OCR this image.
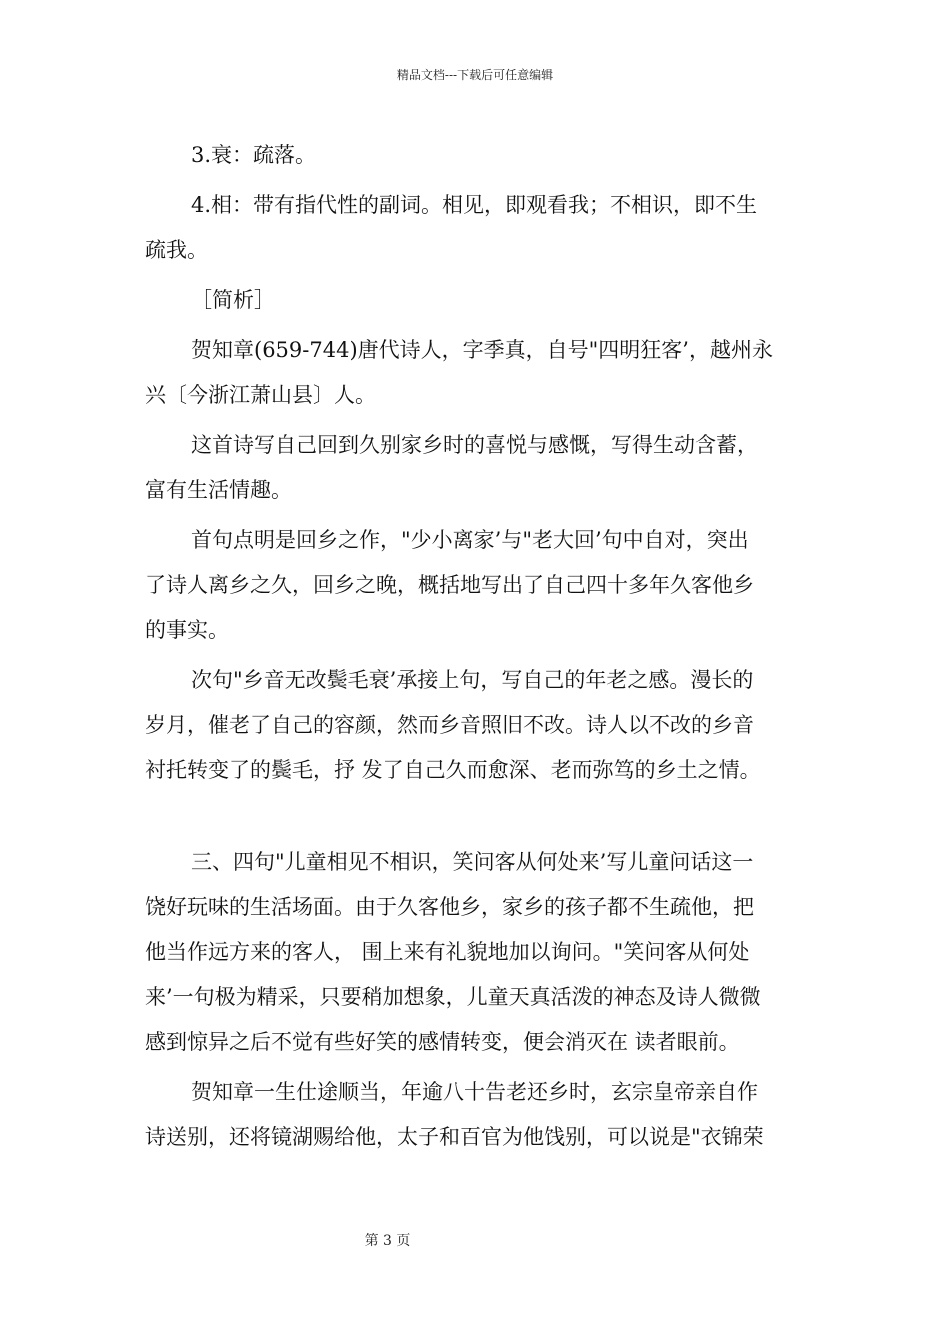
精品文档---下载后可任意编辑
3.衰：疏落。
4.相：带有指代性的副词。相见，即观看我；不相识，即不生
疏我。
［简析］
贺知章(659-744)唐代诗人，字季真，自号"四明狂客’，越州永
兴〔今浙江萧山县〕人。
这首诗写自己回到久别家乡时的喜悦与感慨，写得生动含蓄，
富有生活情趣。
首句点明是回乡之作，"少小离家’与"老大回’句中自对，突出
了诗人离乡之久，回乡之晚，概括地写出了自己四十多年久客他乡
的事实。
次句"乡音无改鬓毛衰’承接上句，写自己的年老之感。漫长的
岁月，催老了自己的容颜，然而乡音照旧不改。诗人以不改的乡音
衬托转变了的鬓毛，抒 发了自己久而愈深、老而弥笃的乡土之情。
三、四句"儿童相见不相识，笑问客从何处来’写儿童问话这一
饶好玩味的生活场面。由于久客他乡，家乡的孩子都不生疏他，把
他当作远方来的客人， 围上来有礼貌地加以询问。"笑问客从何处
来’一句极为精采，只要稍加想象，儿童天真活泼的神态及诗人微微
感到惊异之后不觉有些好笑的感情转变，便会消灭在 读者眼前。
贺知章一生仕途顺当，年逾八十告老还乡时，玄宗皇帝亲自作
诗送别，还将镜湖赐给他，太子和百官为他饯别，可以说是"衣锦荣
第 3 页
